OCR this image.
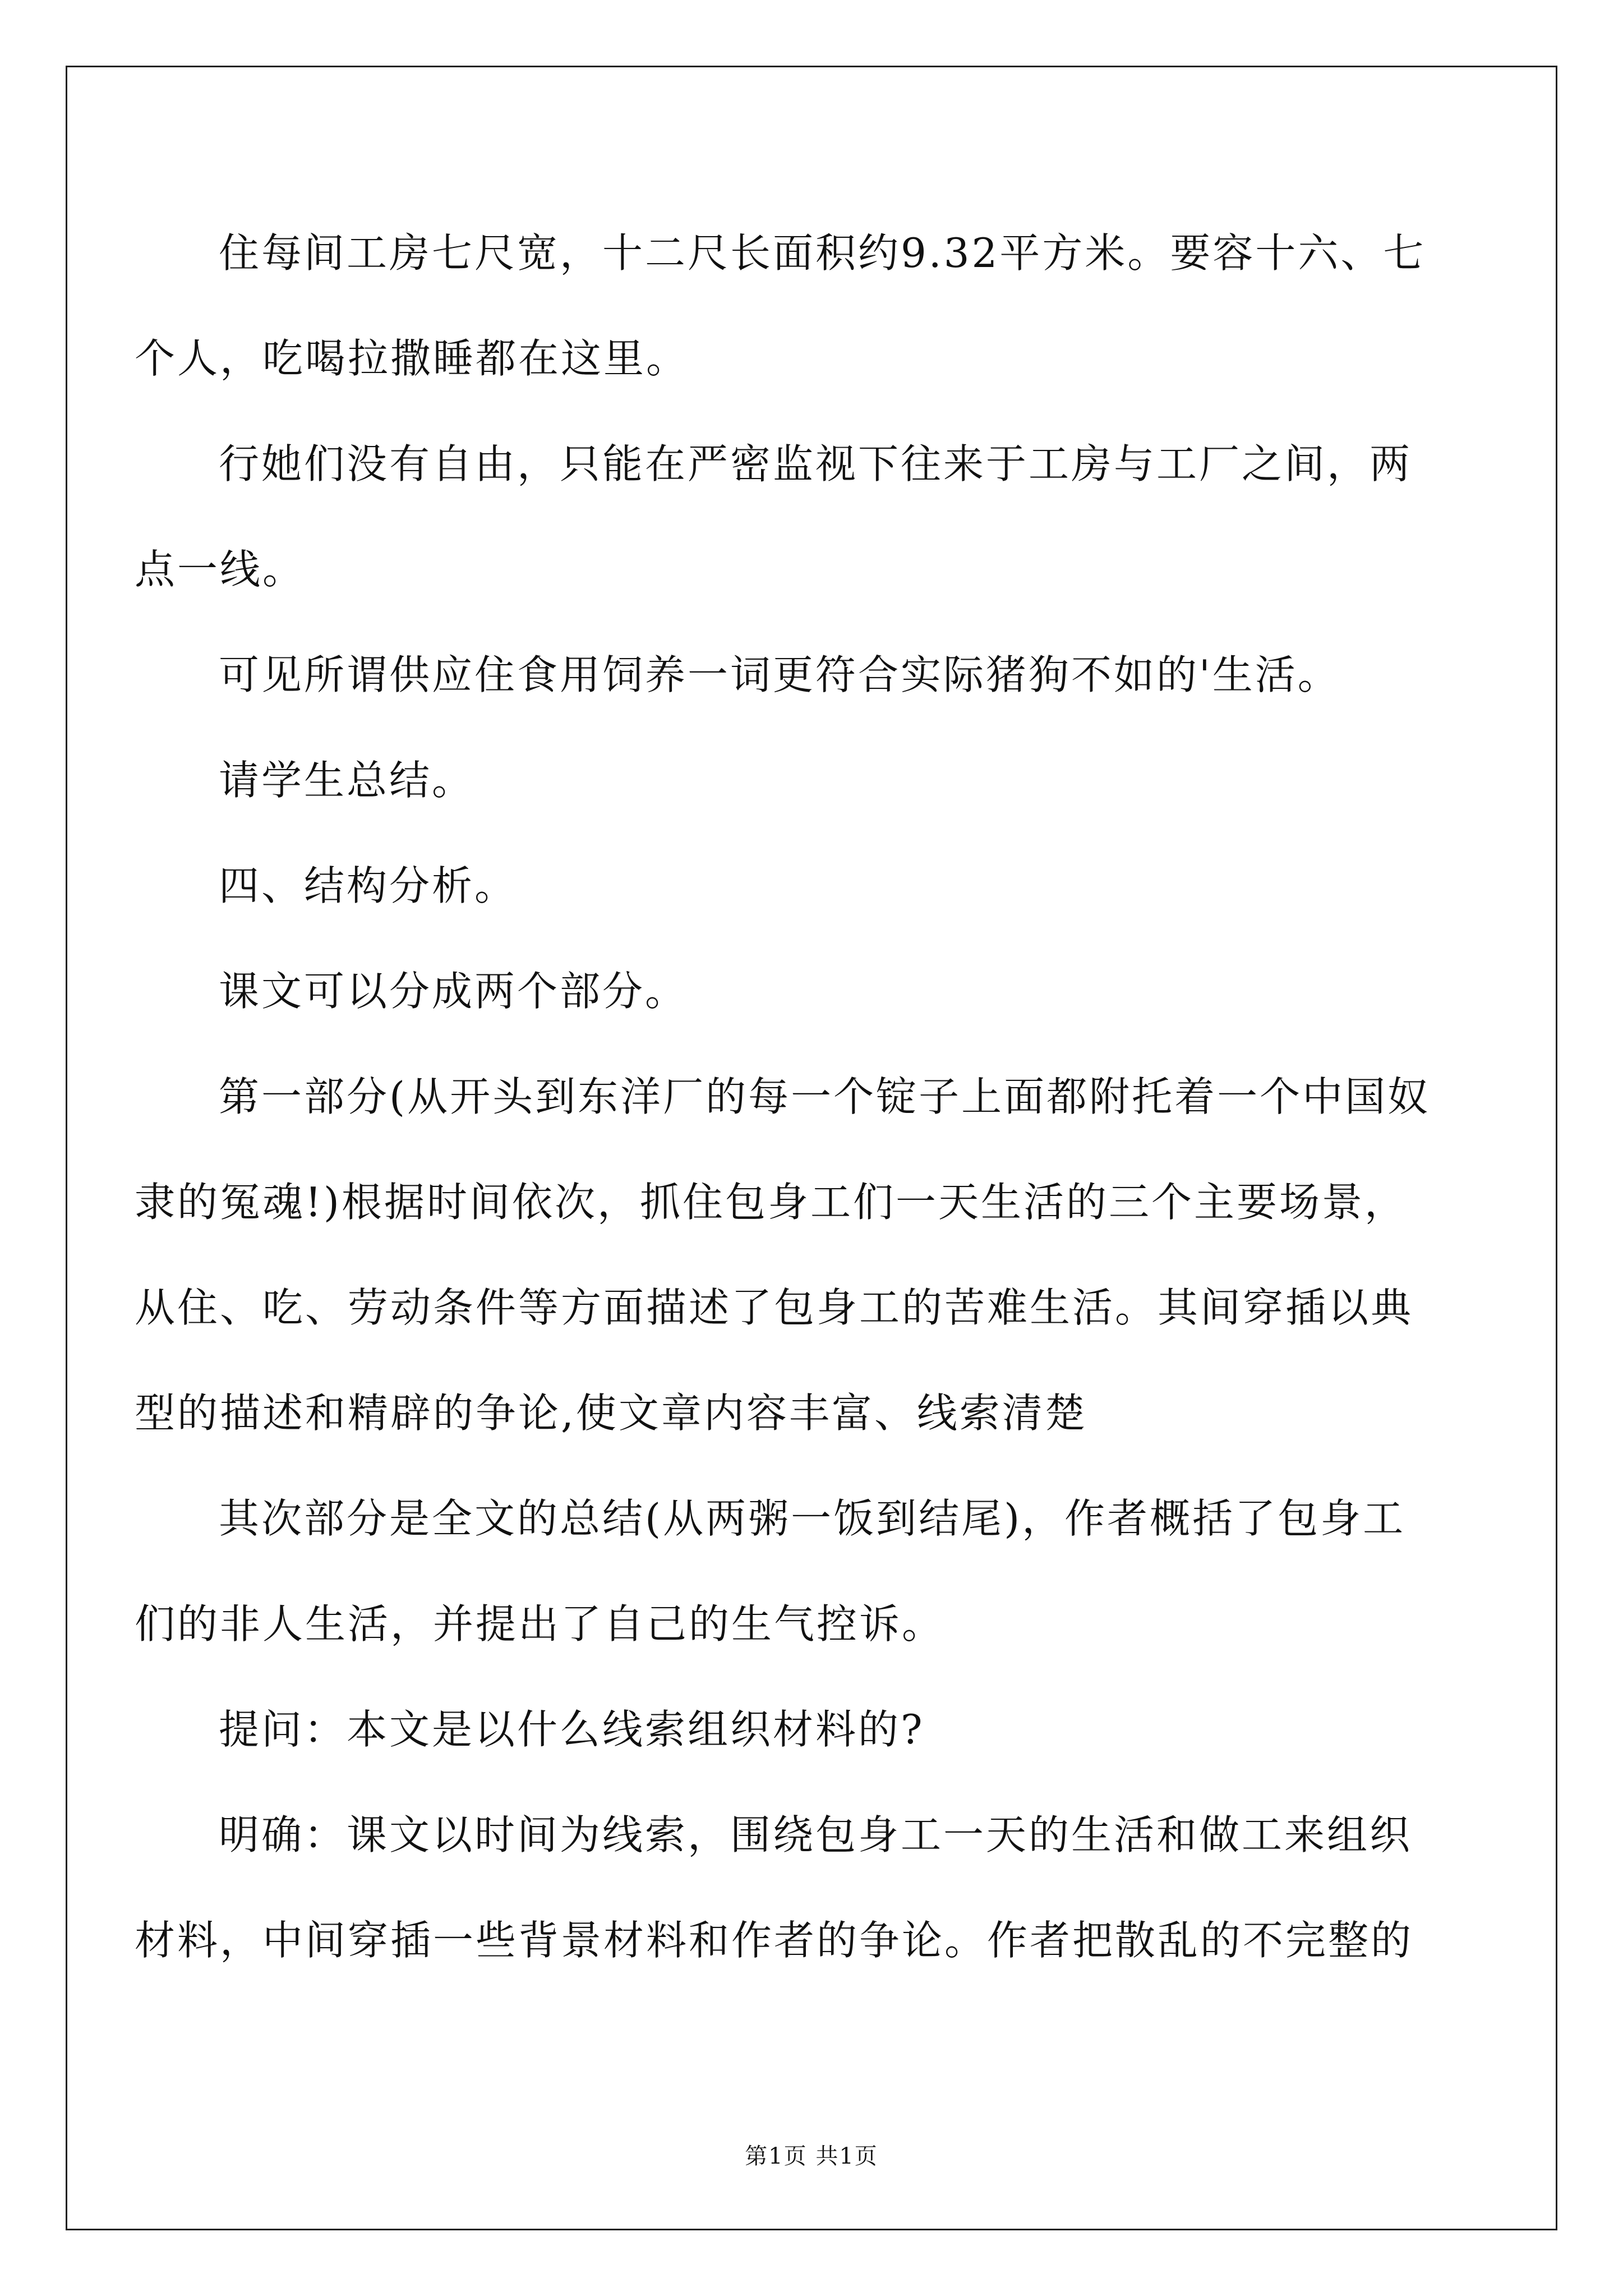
住每间工房七尺宽，十二尺长面积约9.32平方米。要容十六、七个人，吃喝拉撒睡都在这里。

行她们没有自由，只能在严密监视下往来于工房与工厂之间，两点一线。

可见所谓供应住食用饲养一词更符合实际猪狗不如的'生活。

请学生总结。

四、结构分析。

课文可以分成两个部分。

第一部分(从开头到东洋厂的每一个锭子上面都附托着一个中国奴隶的冤魂!)根据时间依次，抓住包身工们一天生活的三个主要场景，从住、吃、劳动条件等方面描述了包身工的苦难生活。其间穿插以典型的描述和精辟的争论,使文章内容丰富、线索清楚

其次部分是全文的总结(从两粥一饭到结尾)，作者概括了包身工们的非人生活，并提出了自己的生气控诉。

提问：本文是以什么线索组织材料的?

明确：课文以时间为线索，围绕包身工一天的生活和做工来组织材料，中间穿插一些背景材料和作者的争论。作者把散乱的不完整的

第1页 共1页
